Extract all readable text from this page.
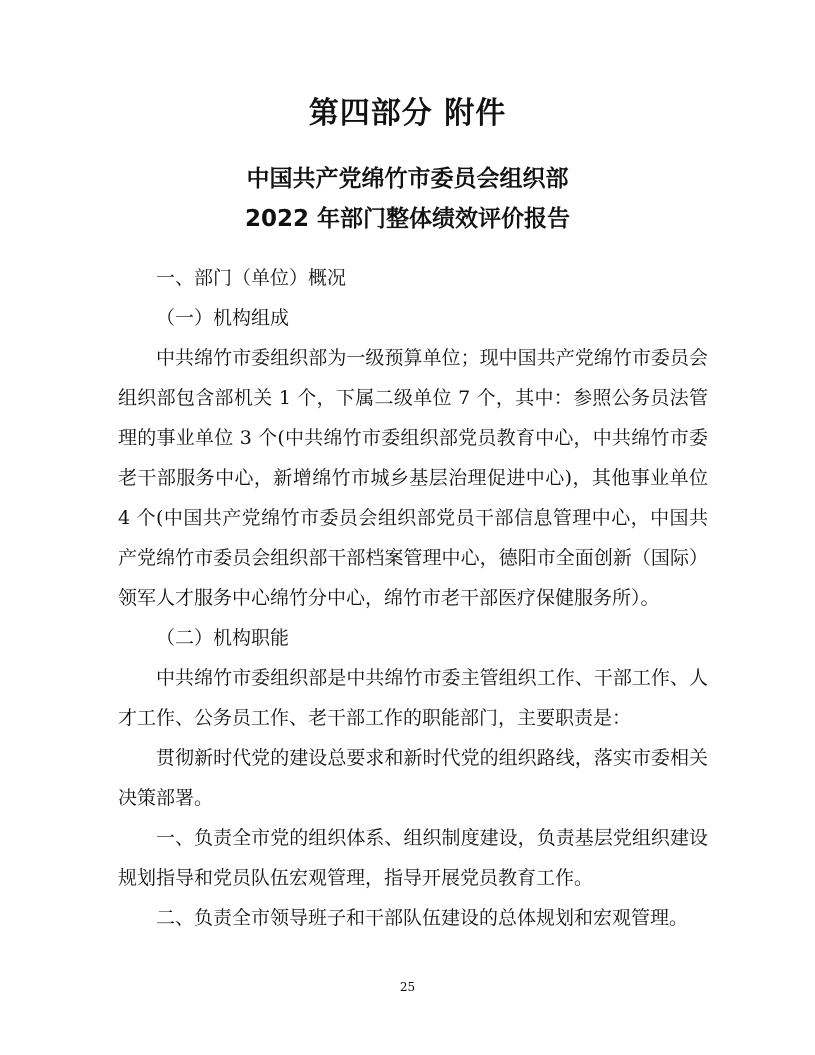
第四部分 附件
中国共产党绵竹市委员会组织部
2022 年部门整体绩效评价报告

一、部门（单位）概况

（一）机构组成

中共绵竹市委组织部为一级预算单位；现中国共产党绵竹市委员会组织部包含部机关 1 个，下属二级单位 7 个，其中：参照公务员法管理的事业单位 3 个(中共绵竹市委组织部党员教育中心，中共绵竹市委老干部服务中心，新增绵竹市城乡基层治理促进中心)，其他事业单位 4 个(中国共产党绵竹市委员会组织部党员干部信息管理中心，中国共产党绵竹市委员会组织部干部档案管理中心，德阳市全面创新（国际）领军人才服务中心绵竹分中心，绵竹市老干部医疗保健服务所）。

（二）机构职能

中共绵竹市委组织部是中共绵竹市委主管组织工作、干部工作、人才工作、公务员工作、老干部工作的职能部门，主要职责是：

贯彻新时代党的建设总要求和新时代党的组织路线，落实市委相关决策部署。

一、负责全市党的组织体系、组织制度建设，负责基层党组织建设规划指导和党员队伍宏观管理，指导开展党员教育工作。

二、负责全市领导班子和干部队伍建设的总体规划和宏观管理。

25
